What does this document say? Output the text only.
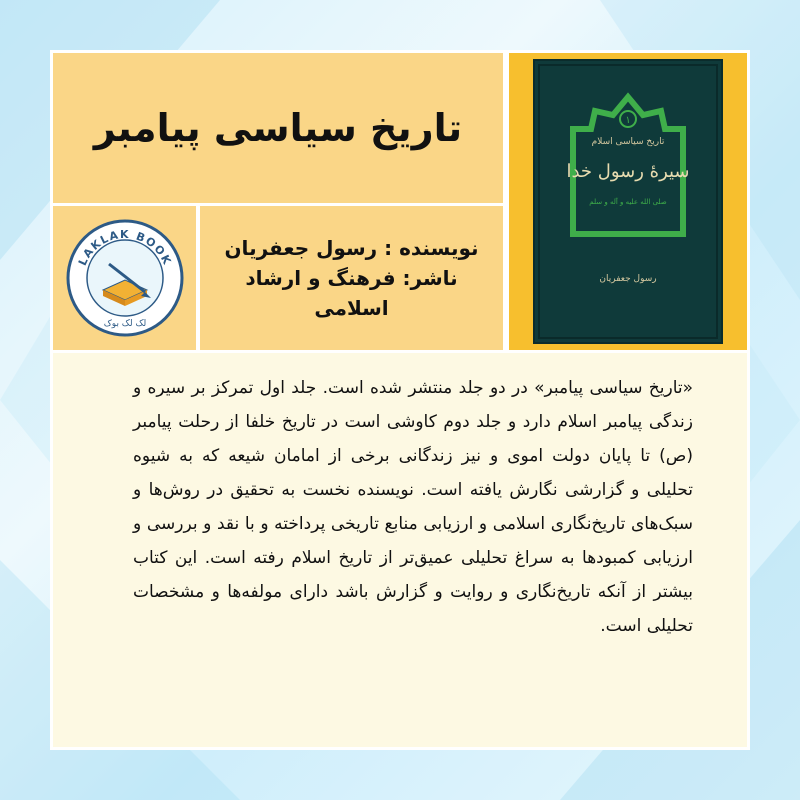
تاریخ سیاسی پیامبر	۱
تاریخ سیاسی اسلام
سیرهٔ رسول خدا
صلی الله علیه و آله و سلم
رسول جعفریان
LAKLAK BOOK
لک لک بوک
نویسنده : رسول جعفریان
ناشر: فرهنگ و ارشاد
اسلامی
«تاریخ سیاسی پیامبر» در دو جلد منتشر شده است. جلد اول تمرکز بر سیره و زندگی پیامبر اسلام دارد و جلد دوم کاوشی است در تاریخ خلفا از رحلت پیامبر (ص) تا پایان دولت اموی و نیز زندگانی برخی از امامان شیعه که به شیوه تحلیلی و گزارشی نگارش یافته است. نویسنده نخست به تحقیق در روش‌ها و سبک‌های تاریخ‌نگاری اسلامی و ارزیابی منابع تاریخی پرداخته و با نقد و بررسی و ارزیابی کمبودها به سراغ تحلیلی عمیق‌تر از تاریخ اسلام رفته است. این کتاب بیشتر از آنکه تاریخ‌نگاری و روایت و گزارش باشد دارای مولفه‌ها و مشخصات تحلیلی است.
